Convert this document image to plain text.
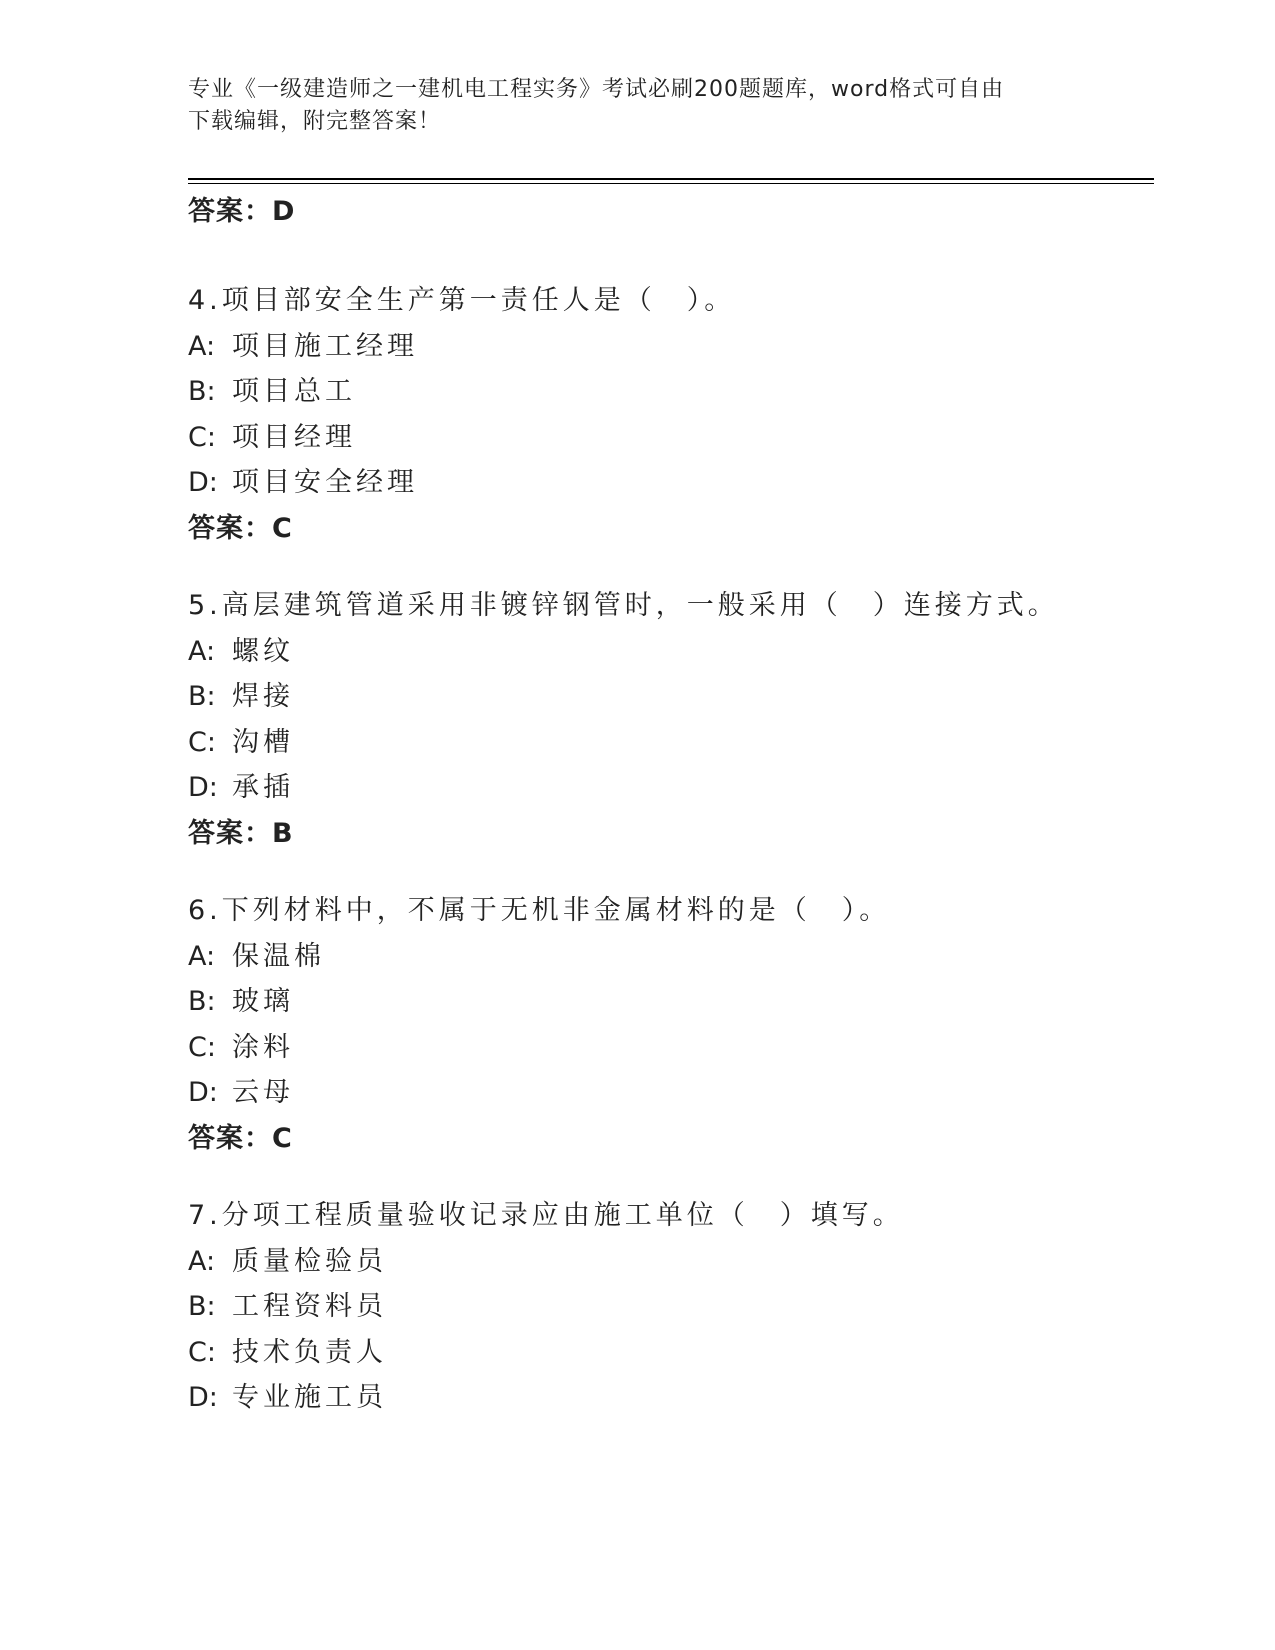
专业《一级建造师之一建机电工程实务》考试必刷200题题库，word格式可自由
下载编辑，附完整答案！
答案：D
4.项目部安全生产第一责任人是（　）。
A: 项目施工经理
B: 项目总工
C: 项目经理
D: 项目安全经理
答案：C
5.高层建筑管道采用非镀锌钢管时，一般采用（　）连接方式。
A: 螺纹
B: 焊接
C: 沟槽
D: 承插
答案：B
6.下列材料中，不属于无机非金属材料的是（　）。
A: 保温棉
B: 玻璃
C: 涂料
D: 云母
答案：C
7.分项工程质量验收记录应由施工单位（　）填写。
A: 质量检验员
B: 工程资料员
C: 技术负责人
D: 专业施工员
